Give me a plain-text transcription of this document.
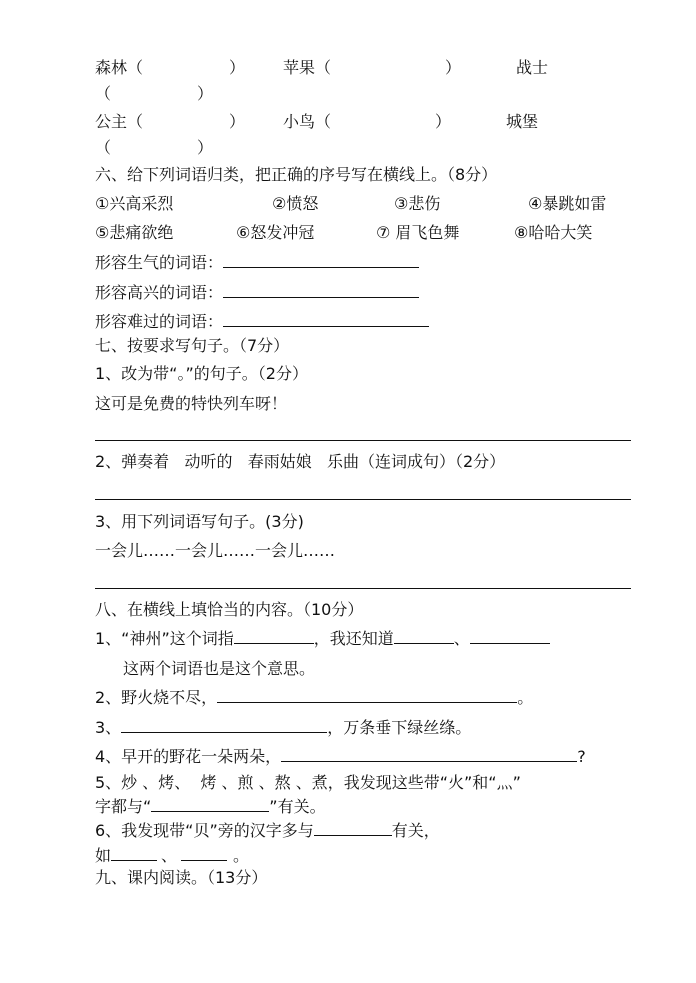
森林（	） 苹果（	）	战士
（	）
公主（	） 小鸟（	）	城堡
（	）
六、给下列词语归类，把正确的序号写在横线上。（8分）
①兴高采烈	②愤怒	③悲伤	④暴跳如雷
⑤悲痛欲绝	⑥怒发冲冠	⑦ 眉飞色舞	⑧哈哈大笑
形容生气的词语：
形容高兴的词语：
形容难过的词语：
七、按要求写句子。（7分）
1、改为带“。”的句子。（2分）
这可是免费的特快列车呀！
2、弹奏着   动听的   春雨姑娘   乐曲（连词成句）（2分）
3、用下列词语写句子。(3分)
一会儿……一会儿……一会儿……
八、在横线上填恰当的内容。（10分）
1、“神州”这个词指	，我还知道	、
这两个词语也是这个意思。
2、野火烧不尽，	。
3、	，万条垂下绿丝绦。
4、早开的野花一朵两朵，	?
5、炒 、烤、  烤 、煎 、熬 、煮，我发现这些带“火”和“灬”
字都与“	”有关。
6、我发现带“贝”旁的汉字多与	有关，
如	、	。
九、课内阅读。（13分）
